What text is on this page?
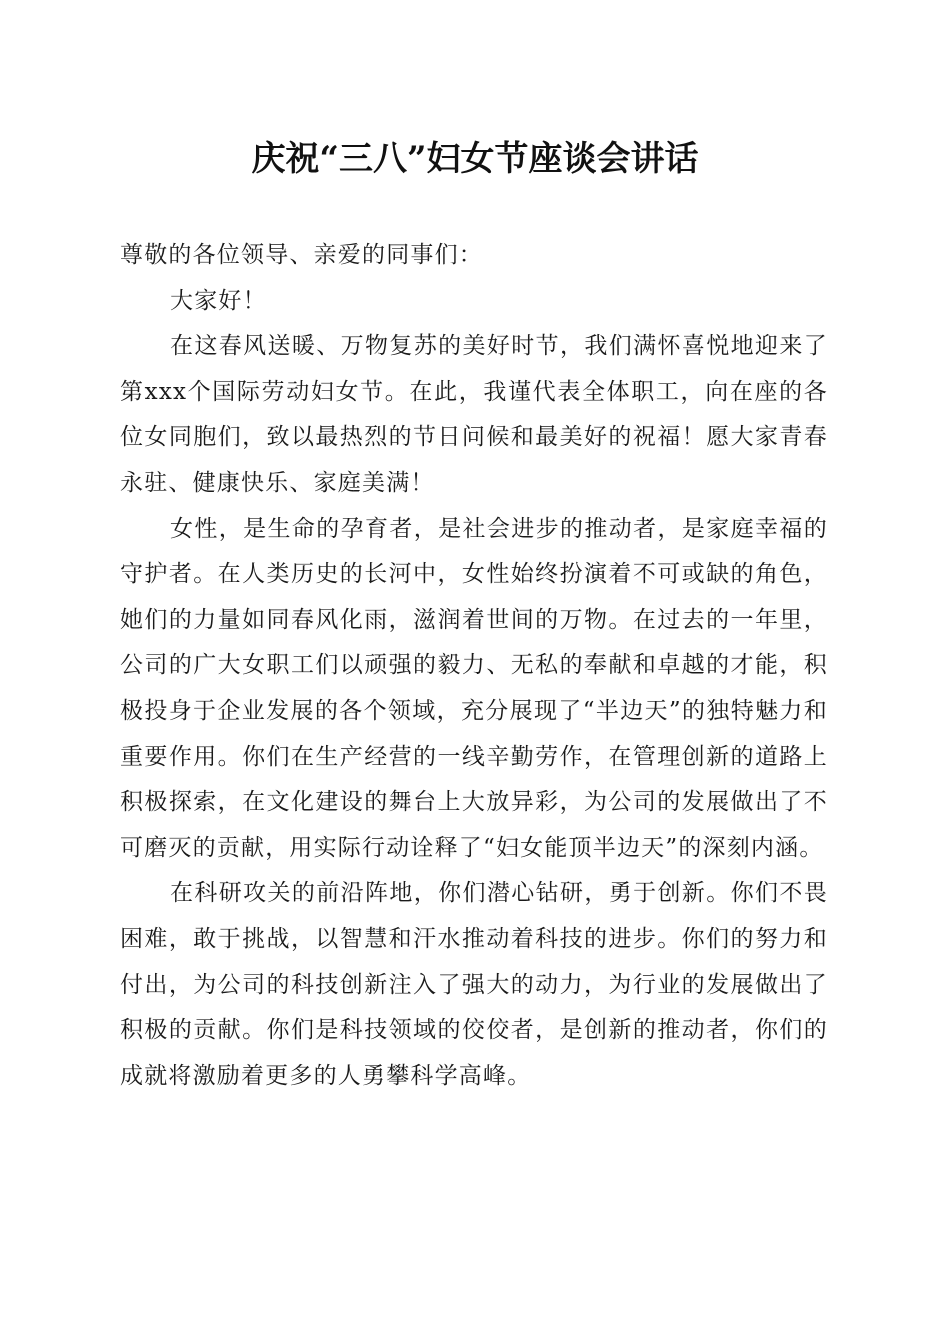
庆祝“三八”妇女节座谈会讲话

尊敬的各位领导、亲爱的同事们：

大家好！

在这春风送暖、万物复苏的美好时节，我们满怀喜悦地迎来了第xxx个国际劳动妇女节。在此，我谨代表全体职工，向在座的各位女同胞们，致以最热烈的节日问候和最美好的祝福！愿大家青春永驻、健康快乐、家庭美满！

女性，是生命的孕育者，是社会进步的推动者，是家庭幸福的守护者。在人类历史的长河中，女性始终扮演着不可或缺的角色，她们的力量如同春风化雨，滋润着世间的万物。在过去的一年里，公司的广大女职工们以顽强的毅力、无私的奉献和卓越的才能，积极投身于企业发展的各个领域，充分展现了“半边天”的独特魅力和重要作用。你们在生产经营的一线辛勤劳作，在管理创新的道路上积极探索，在文化建设的舞台上大放异彩，为公司的发展做出了不可磨灭的贡献，用实际行动诠释了“妇女能顶半边天”的深刻内涵。

在科研攻关的前沿阵地，你们潜心钻研，勇于创新。你们不畏困难，敢于挑战，以智慧和汗水推动着科技的进步。你们的努力和付出，为公司的科技创新注入了强大的动力，为行业的发展做出了积极的贡献。你们是科技领域的佼佼者，是创新的推动者，你们的成就将激励着更多的人勇攀科学高峰。
